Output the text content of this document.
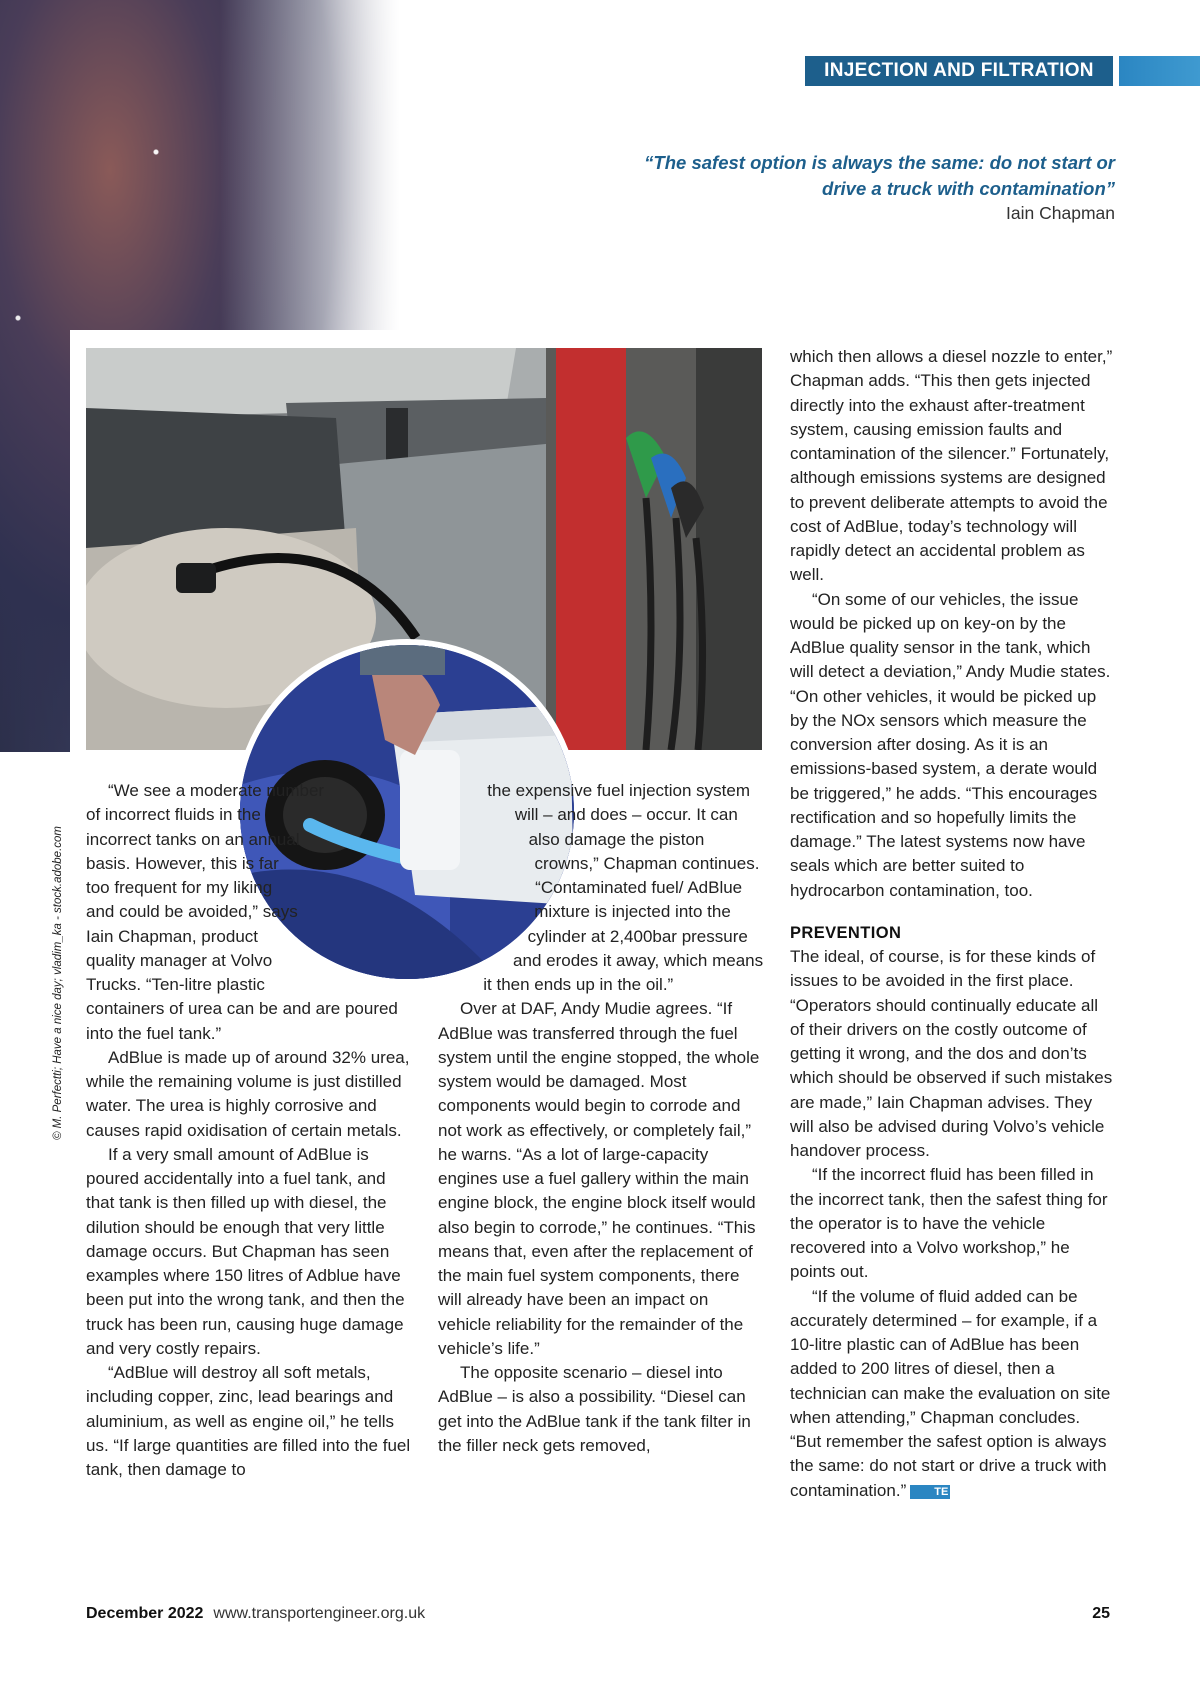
INJECTION AND FILTRATION
“The safest option is always the same: do not start or
drive a truck with contamination”
Iain Chapman
© M. Perfectti; Have a nice day; vladim_ka - stock.adobe.com

“We see a moderate number of incorrect fluids in the incorrect tanks on an annual basis. However, this is far too frequent for my liking and could be avoided,” says Iain Chapman, product quality manager at Volvo Trucks. “Ten-litre plastic containers of urea can be and are poured into the fuel tank.”

AdBlue is made up of around 32% urea, while the remaining volume is just distilled water. The urea is highly corrosive and causes rapid oxidisation of certain metals.

If a very small amount of AdBlue is poured accidentally into a fuel tank, and that tank is then filled up with diesel, the dilution should be enough that very little damage occurs. But Chapman has seen examples where 150 litres of Adblue have been put into the wrong tank, and then the truck has been run, causing huge damage and very costly repairs.

“AdBlue will destroy all soft metals, including copper, zinc, lead bearings and aluminium, as well as engine oil,” he tells us. “If large quantities are filled into the fuel tank, then damage to

the expensive fuel injection system will – and does – occur. It can also damage the piston crowns,” Chapman continues. “Contaminated fuel/ AdBlue mixture is injected into the cylinder at 2,400bar pressure and erodes it away, which means it then ends up in the oil.”

Over at DAF, Andy Mudie agrees. “If AdBlue was transferred through the fuel system until the engine stopped, the whole system would be damaged. Most components would begin to corrode and not work as effectively, or completely fail,” he warns. “As a lot of large-capacity engines use a fuel gallery within the main engine block, the engine block itself would also begin to corrode,” he continues. “This means that, even after the replacement of the main fuel system components, there will already have been an impact on vehicle reliability for the remainder of the vehicle’s life.”

The opposite scenario – diesel into AdBlue – is also a possibility. “Diesel can get into the AdBlue tank if the tank filter in the filler neck gets removed,

which then allows a diesel nozzle to enter,” Chapman adds. “This then gets injected directly into the exhaust after-treatment system, causing emission faults and contamination of the silencer.” Fortunately, although emissions systems are designed to prevent deliberate attempts to avoid the cost of AdBlue, today’s technology will rapidly detect an accidental problem as well.

“On some of our vehicles, the issue would be picked up on key-on by the AdBlue quality sensor in the tank, which will detect a deviation,” Andy Mudie states. “On other vehicles, it would be picked up by the NOx sensors which measure the conversion after dosing. As it is an emissions-based system, a derate would be triggered,” he adds. “This encourages rectification and so hopefully limits the damage.” The latest systems now have seals which are better suited to hydrocarbon contamination, too.

PREVENTION

The ideal, of course, is for these kinds of issues to be avoided in the first place. “Operators should continually educate all of their drivers on the costly outcome of getting it wrong, and the dos and don’ts which should be observed if such mistakes are made,” Iain Chapman advises. They will also be advised during Volvo’s vehicle handover process.

“If the incorrect fluid has been filled in the incorrect tank, then the safest thing for the operator is to have the vehicle recovered into a Volvo workshop,” he points out.

“If the volume of fluid added can be accurately determined – for example, if a 10-litre plastic can of AdBlue has been added to 200 litres of diesel, then a technician can make the evaluation on site when attending,” Chapman concludes. “But remember the safest option is always the same: do not start or drive a truck with contamination.”	TE

December 2022 www.transportengineer.org.uk	25
